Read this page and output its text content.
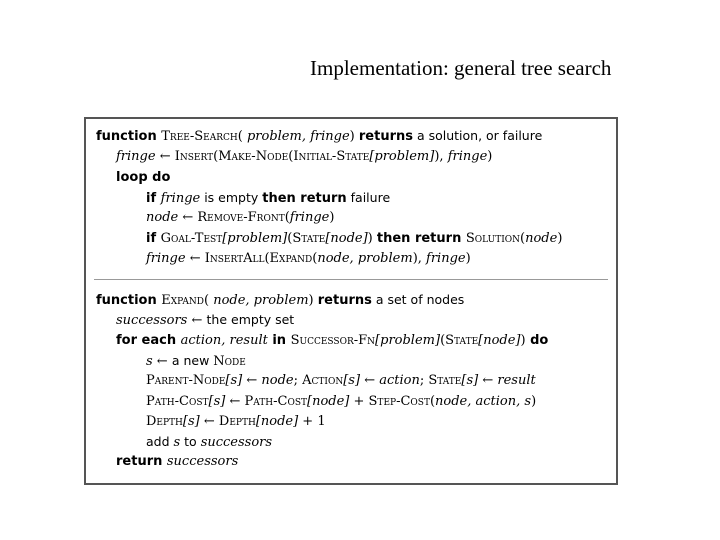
Implementation: general tree search
function Tree-Search( problem, fringe) returns a solution, or failure
fringe ← Insert(Make-Node(Initial-State[problem]), fringe)
loop do
if fringe is empty then return failure
node ← Remove-Front(fringe)
if Goal-Test[problem](State[node]) then return Solution(node)
fringe ← InsertAll(Expand(node, problem), fringe)
function Expand( node, problem) returns a set of nodes
successors ← the empty set
for each action, result in Successor-Fn[problem](State[node]) do
s ← a new Node
Parent-Node[s] ← node; Action[s] ← action; State[s] ← result
Path-Cost[s] ← Path-Cost[node] + Step-Cost(node, action, s)
Depth[s] ← Depth[node] + 1
add s to successors
return successors
